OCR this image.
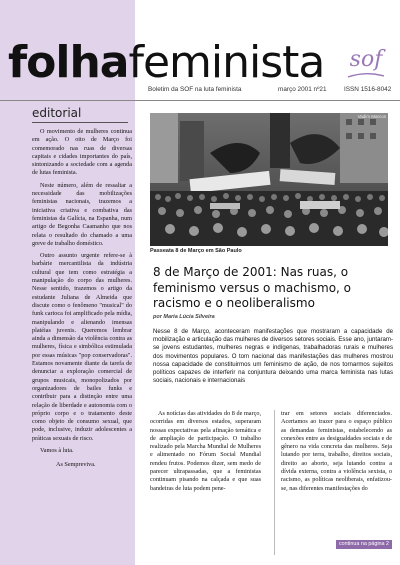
folhafeminista	sof
Boletim da SOF na luta feminista	março 2001 nº21	ISSN 1516-8042
editorial

O movimento de mulheres continua em ação. O oito de Março foi comemorado nas ruas de diversas capitais e cidades importantes do país, sintonizando a sociedade com a agenda de lutas feminista.

Neste número, além de ressaltar a necessidade das mobilizações feministas nacionais, trazemos a iniciativa criativa e combativa das feministas da Galícia, na Espanha, num artigo de Begonha Caamanho que nos relata o resultado do chamado a uma greve de trabalho doméstico.

Outro assunto urgente refere-se à barbárie mercantilista da indústria cultural que tem como estratégia a manipulação do corpo das mulheres. Nesse sentido, trazemos o artigo da estudante Juliana de Almeida que discute como o fenômeno "musical" do funk carioca foi amplificado pela mídia, manipulando e alienando imensas platéias juvenis. Queremos lembrar ainda a dimensão da violência contra as mulheres, física e simbólica estimulada por essas músicas "pop conservadoras". Estamos novamente diante da tarefa de denunciar a exploração comercial de grupos musicais, monopolizados por organizadores de bailes funks e contribuir para a distinção entre uma relação de liberdade e autonomia com o próprio corpo e o tratamento deste como objeto de consumo sexual, que pode, inclusive, induzir adolescentes a práticas sexuais de risco.

Vamos à luta.

As Sempreviva.

Vadim Marcos
Passeata 8 de Março em São Paulo
8 de Março de 2001: Nas ruas, o feminismo versus o machismo, o racismo e o neoliberalismo
por Maria Lúcia Silveira
Nesse 8 de Março, aconteceram manifestações que mostraram a capacidade de mobilização e articulação das mulheres de diversos setores sociais. Esse ano, juntaram-se jovens estudantes, mulheres negras e indígenas, trabalhadoras rurais e mulheres dos movimentos populares. O tom nacional das manifestações das mulheres mostrou nossa capacidade de constituirmos um feminismo de ação, de nos tornarmos sujeitos políticos capazes de interferir na conjuntura deixando uma marca feminista nas lutas sociais, nacionais e internacionais

As notícias das atividades do 8 de março, ocorridas em diversos estados, superaram nossas expectativas pela afinação temática e de ampliação de participação. O trabalho realizado pela Marcha Mundial de Mulheres e alimentado no Fórum Social Mundial rendeu frutos. Podemos dizer, sem medo de parecer ultrapassadas, que a feministas continuam pisando na calçada e que suas bandeiras de luta podem pene-

trar em setores sociais diferenciados. Acertamos ao trazer para o espaço público as demandas feministas, estabelecendo as conexões entre as desigualdades sociais e de gênero na vida concreta das mulheres. Seja lutando por terra, trabalho, direitos sociais, direito ao aborto, seja lutando contra a dívida externa, contra a violência sexista, o racismo, as políticas neoliberais, enfatizou-se, nas diferentes manifestações do

continua na página 2
